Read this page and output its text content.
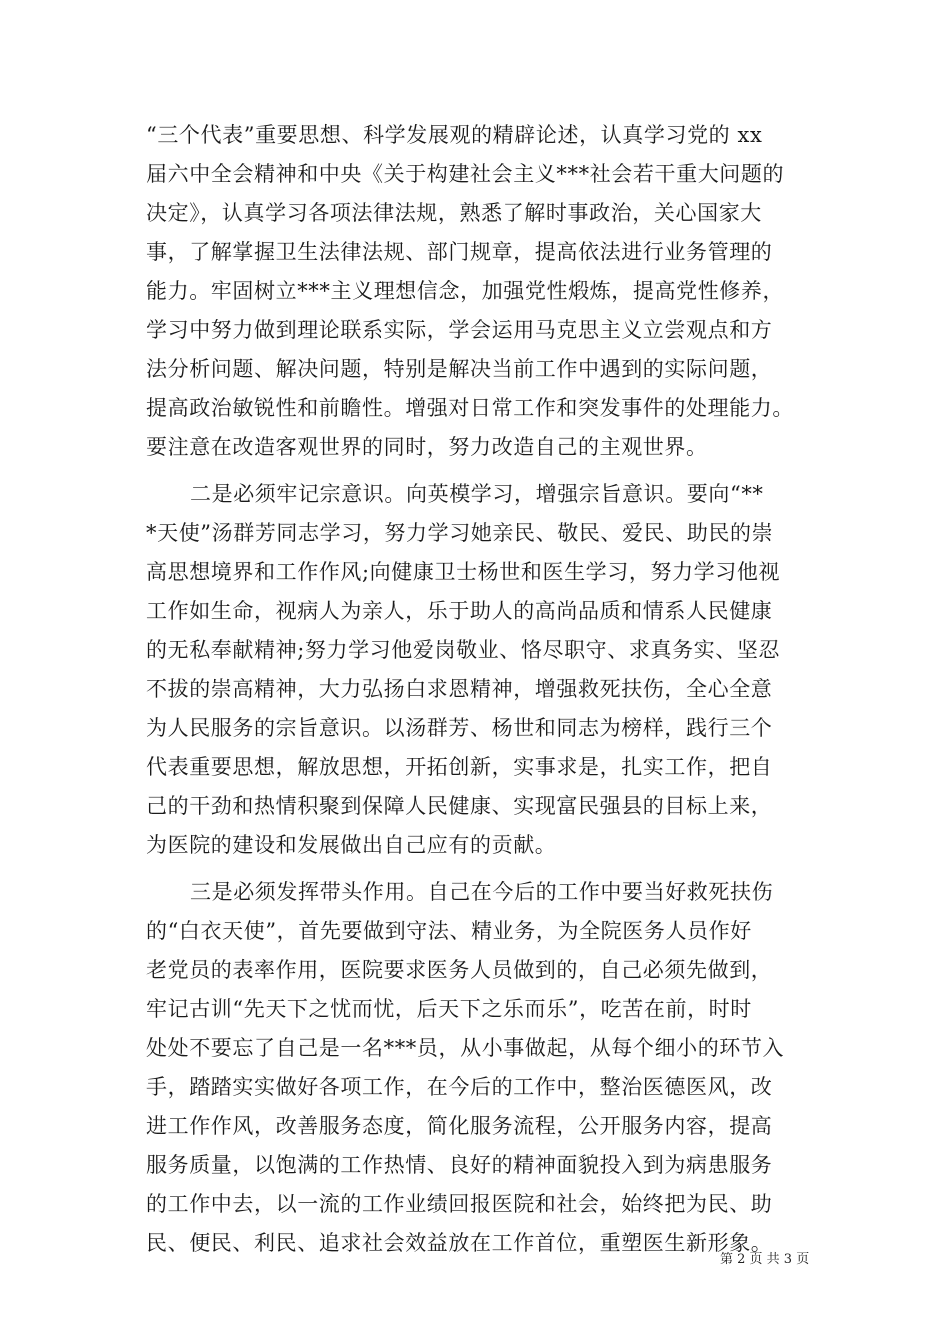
“三个代表”重要思想、科学发展观的精辟论述，认真学习党的 xx
届六中全会精神和中央《关于构建社会主义***社会若干重大问题的
决定》，认真学习各项法律法规，熟悉了解时事政治，关心国家大
事，了解掌握卫生法律法规、部门规章，提高依法进行业务管理的
能力。牢固树立***主义理想信念，加强党性煅炼，提高党性修养，
学习中努力做到理论联系实际，学会运用马克思主义立尝观点和方
法分析问题、解决问题，特别是解决当前工作中遇到的实际问题，
提高政治敏锐性和前瞻性。增强对日常工作和突发事件的处理能力。
要注意在改造客观世界的同时，努力改造自己的主观世界。
二是必须牢记宗意识。向英模学习，增强宗旨意识。要向“**
*天使”汤群芳同志学习，努力学习她亲民、敬民、爱民、助民的崇
高思想境界和工作作风;向健康卫士杨世和医生学习，努力学习他视
工作如生命，视病人为亲人，乐于助人的高尚品质和情系人民健康
的无私奉献精神;努力学习他爱岗敬业、恪尽职守、求真务实、坚忍
不拔的崇高精神，大力弘扬白求恩精神，增强救死扶伤，全心全意
为人民服务的宗旨意识。以汤群芳、杨世和同志为榜样，践行三个
代表重要思想，解放思想，开拓创新，实事求是，扎实工作，把自
己的干劲和热情积聚到保障人民健康、实现富民强县的目标上来，
为医院的建设和发展做出自己应有的贡献。
三是必须发挥带头作用。自己在今后的工作中要当好救死扶伤
的“白衣天使”，首先要做到守法、精业务，为全院医务人员作好
老党员的表率作用，医院要求医务人员做到的，自己必须先做到，
牢记古训“先天下之忧而忧，后天下之乐而乐”，吃苦在前，时时
处处不要忘了自己是一名***员，从小事做起，从每个细小的环节入
手，踏踏实实做好各项工作，在今后的工作中，整治医德医风，改
进工作作风，改善服务态度，简化服务流程，公开服务内容，提高
服务质量，以饱满的工作热情、良好的精神面貌投入到为病患服务
的工作中去，以一流的工作业绩回报医院和社会，始终把为民、助
民、便民、利民、追求社会效益放在工作首位，重塑医生新形象。
第 2 页 共 3 页
